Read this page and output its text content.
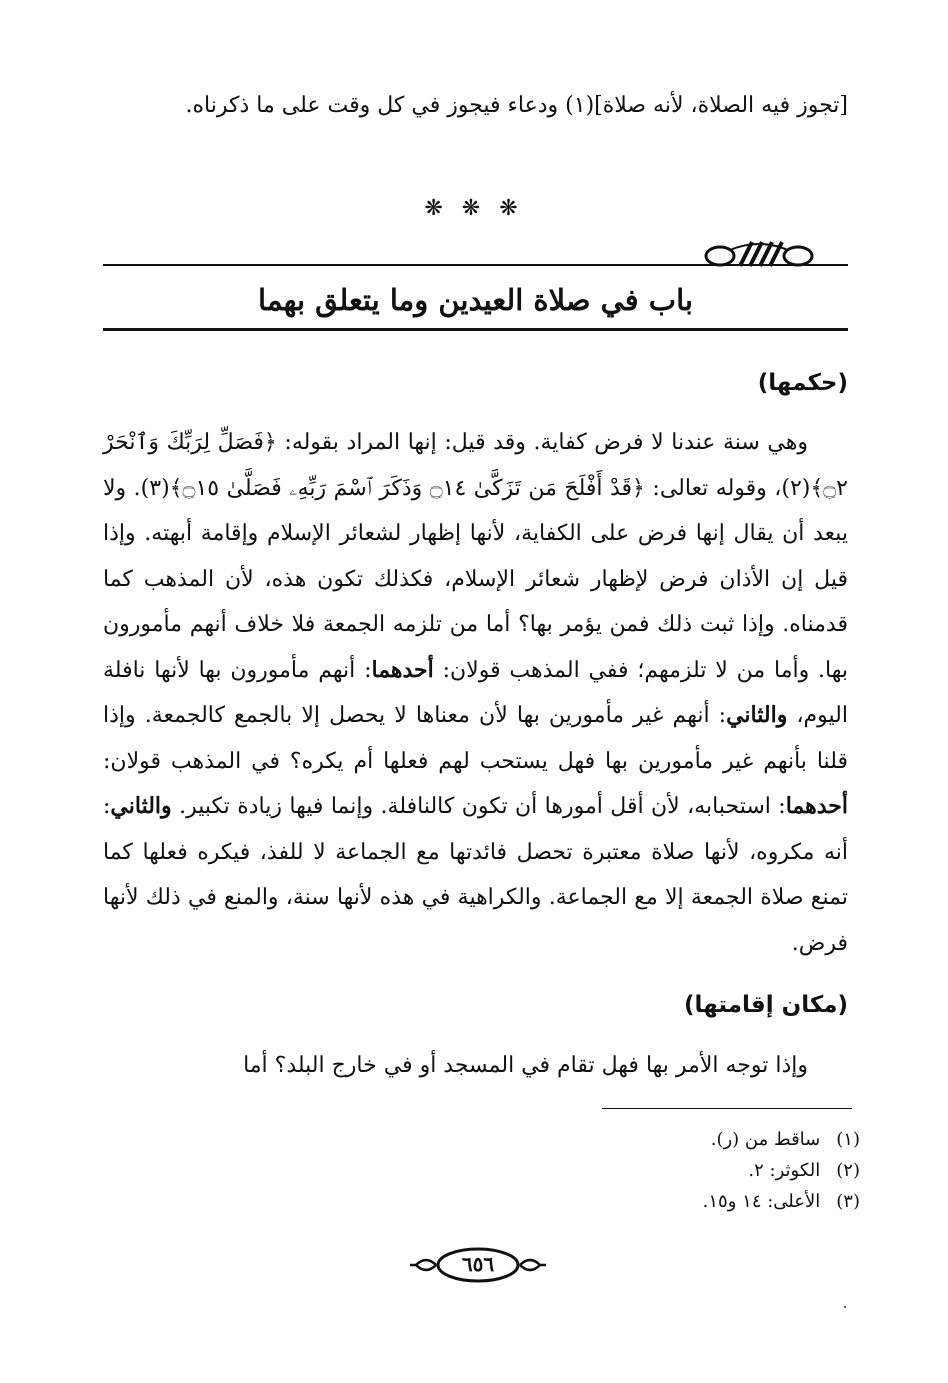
[تجوز فيه الصلاة، لأنه صلاة](١) ودعاء فيجوز في كل وقت على ما ذكرناه.
❋ ❋ ❋
باب في صلاة العيدين وما يتعلق بهما
(حكمها)
وهي سنة عندنا لا فرض كفاية. وقد قيل: إنها المراد بقوله: ﴿فَصَلِّ لِرَبِّكَ وَٱنْحَرْ ۝٢﴾(٢)، وقوله تعالى: ﴿قَدْ أَفْلَحَ مَن تَزَكَّىٰ ۝١٤ وَذَكَرَ ٱسْمَ رَبِّهِۦ فَصَلَّىٰ ۝١٥﴾(٣). ولا يبعد أن يقال إنها فرض على الكفاية، لأنها إظهار لشعائر الإسلام وإقامة أبهته. وإذا قيل إن الأذان فرض لإظهار شعائر الإسلام، فكذلك تكون هذه، لأن المذهب كما قدمناه. وإذا ثبت ذلك فمن يؤمر بها؟ أما من تلزمه الجمعة فلا خلاف أنهم مأمورون بها. وأما من لا تلزمهم؛ ففي المذهب قولان: أحدهما: أنهم مأمورون بها لأنها نافلة اليوم، والثاني: أنهم غير مأمورين بها لأن معناها لا يحصل إلا بالجمع كالجمعة. وإذا قلنا بأنهم غير مأمورين بها فهل يستحب لهم فعلها أم يكره؟ في المذهب قولان: أحدهما: استحبابه، لأن أقل أمورها أن تكون كالنافلة. وإنما فيها زيادة تكبير. والثاني: أنه مكروه، لأنها صلاة معتبرة تحصل فائدتها مع الجماعة لا للفذ، فيكره فعلها كما تمنع صلاة الجمعة إلا مع الجماعة. والكراهية في هذه لأنها سنة، والمنع في ذلك لأنها فرض.
(مكان إقامتها)
وإذا توجه الأمر بها فهل تقام في المسجد أو في خارج البلد؟ أما
(١) ساقط من (ر).
(٢) الكوثر: ٢.
(٣) الأعلى: ١٤ و١٥.
٦٥٦
